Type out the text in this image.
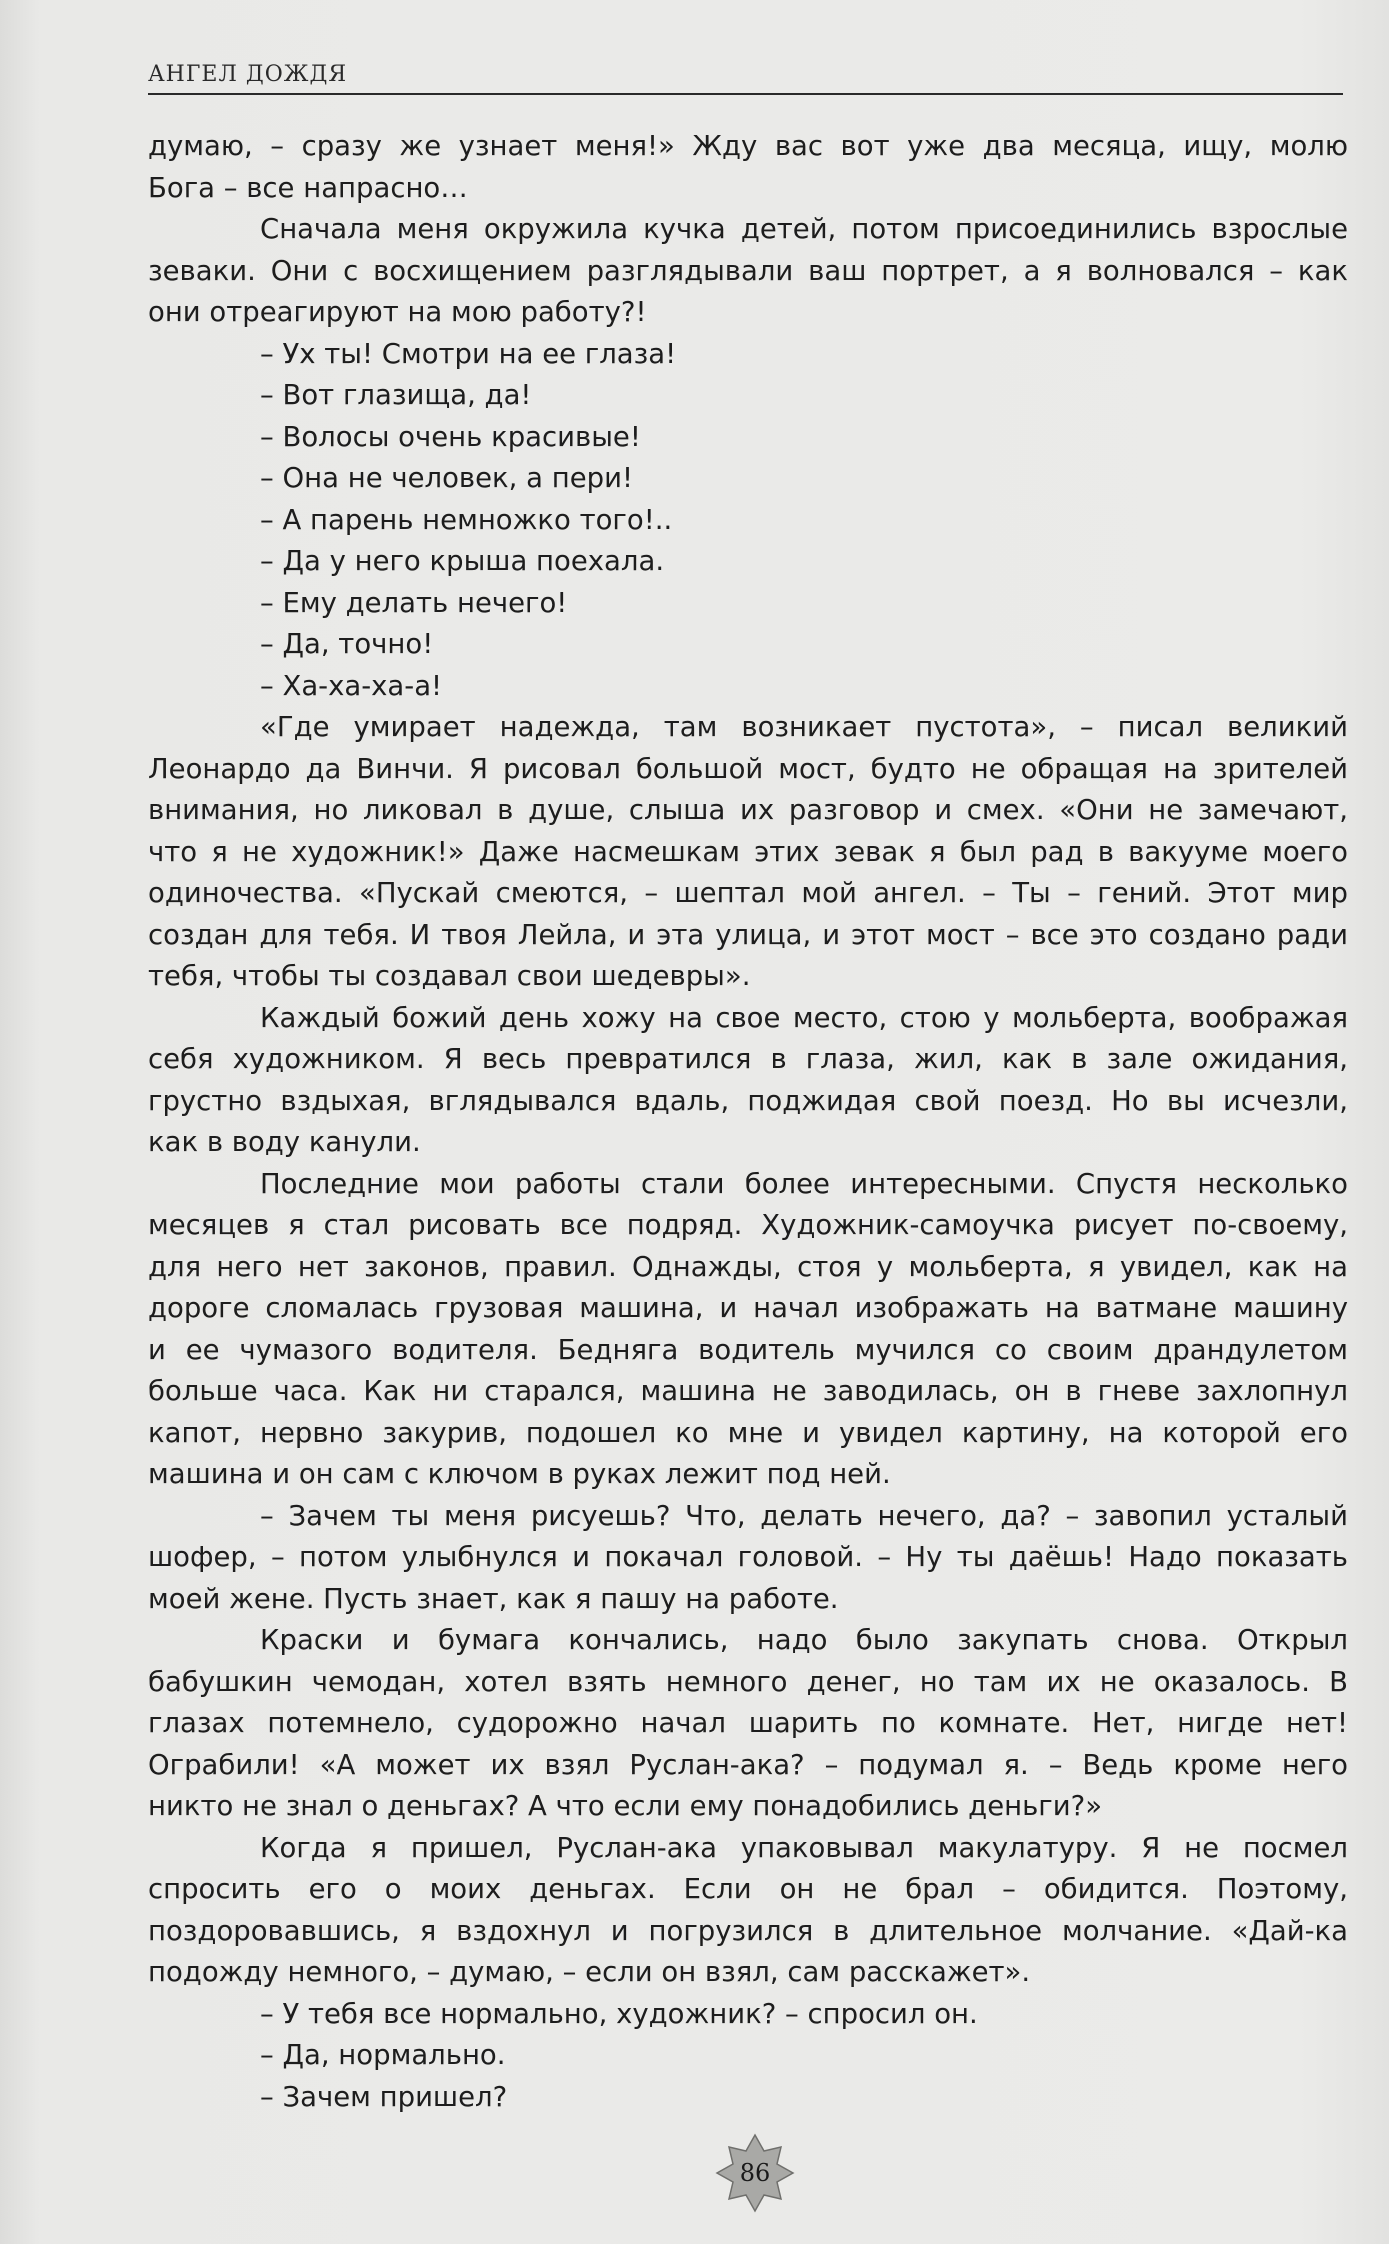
АНГЕЛ ДОЖДЯ
думаю, – сразу же узнает меня!» Жду вас вот уже два месяца, ищу, молю
Бога – все напрасно…
Сначала меня окружила кучка детей, потом присоединились взрослые
зеваки. Они с восхищением разглядывали ваш портрет, а я волновался – как
они отреагируют на мою работу?!
– Ух ты! Смотри на ее глаза!
– Вот глазища, да!
– Волосы очень красивые!
– Она не человек, а пери!
– А парень немножко того!..
– Да у него крыша поехала.
– Ему делать нечего!
– Да, точно!
– Ха-ха-ха-а!
«Где умирает надежда, там возникает пустота», – писал великий
Леонардо да Винчи. Я рисовал большой мост, будто не обращая на зрителей
внимания, но ликовал в душе, слыша их разговор и смех. «Они не замечают,
что я не художник!» Даже насмешкам этих зевак я был рад в вакууме моего
одиночества. «Пускай смеются, – шептал мой ангел. – Ты – гений. Этот мир
создан для тебя. И твоя Лейла, и эта улица, и этот мост – все это создано ради
тебя, чтобы ты создавал свои шедевры».
Каждый божий день хожу на свое место, стою у мольберта, воображая
себя художником. Я весь превратился в глаза, жил, как в зале ожидания,
грустно вздыхая, вглядывался вдаль, поджидая свой поезд. Но вы исчезли,
как в воду канули.
Последние мои работы стали более интересными. Спустя несколько
месяцев я стал рисовать все подряд. Художник-самоучка рисует по-своему,
для него нет законов, правил. Однажды, стоя у мольберта, я увидел, как на
дороге сломалась грузовая машина, и начал изображать на ватмане машину
и ее чумазого водителя. Бедняга водитель мучился со своим драндулетом
больше часа. Как ни старался, машина не заводилась, он в гневе захлопнул
капот, нервно закурив, подошел ко мне и увидел картину, на которой его
машина и он сам с ключом в руках лежит под ней.
– Зачем ты меня рисуешь? Что, делать нечего, да? – завопил усталый
шофер, – потом улыбнулся и покачал головой. – Ну ты даёшь! Надо показать
моей жене. Пусть знает, как я пашу на работе.
Краски и бумага кончались, надо было закупать снова. Открыл
бабушкин чемодан, хотел взять немного денег, но там их не оказалось. В
глазах потемнело, судорожно начал шарить по комнате. Нет, нигде нет!
Ограбили! «А может их взял Руслан-ака? – подумал я. – Ведь кроме него
никто не знал о деньгах? А что если ему понадобились деньги?»
Когда я пришел, Руслан-ака упаковывал макулатуру. Я не посмел
спросить его о моих деньгах. Если он не брал – обидится. Поэтому,
поздоровавшись, я вздохнул и погрузился в длительное молчание. «Дай-ка
подожду немного, – думаю, – если он взял, сам расскажет».
– У тебя все нормально, художник? – спросил он.
– Да, нормально.
– Зачем пришел?
86
